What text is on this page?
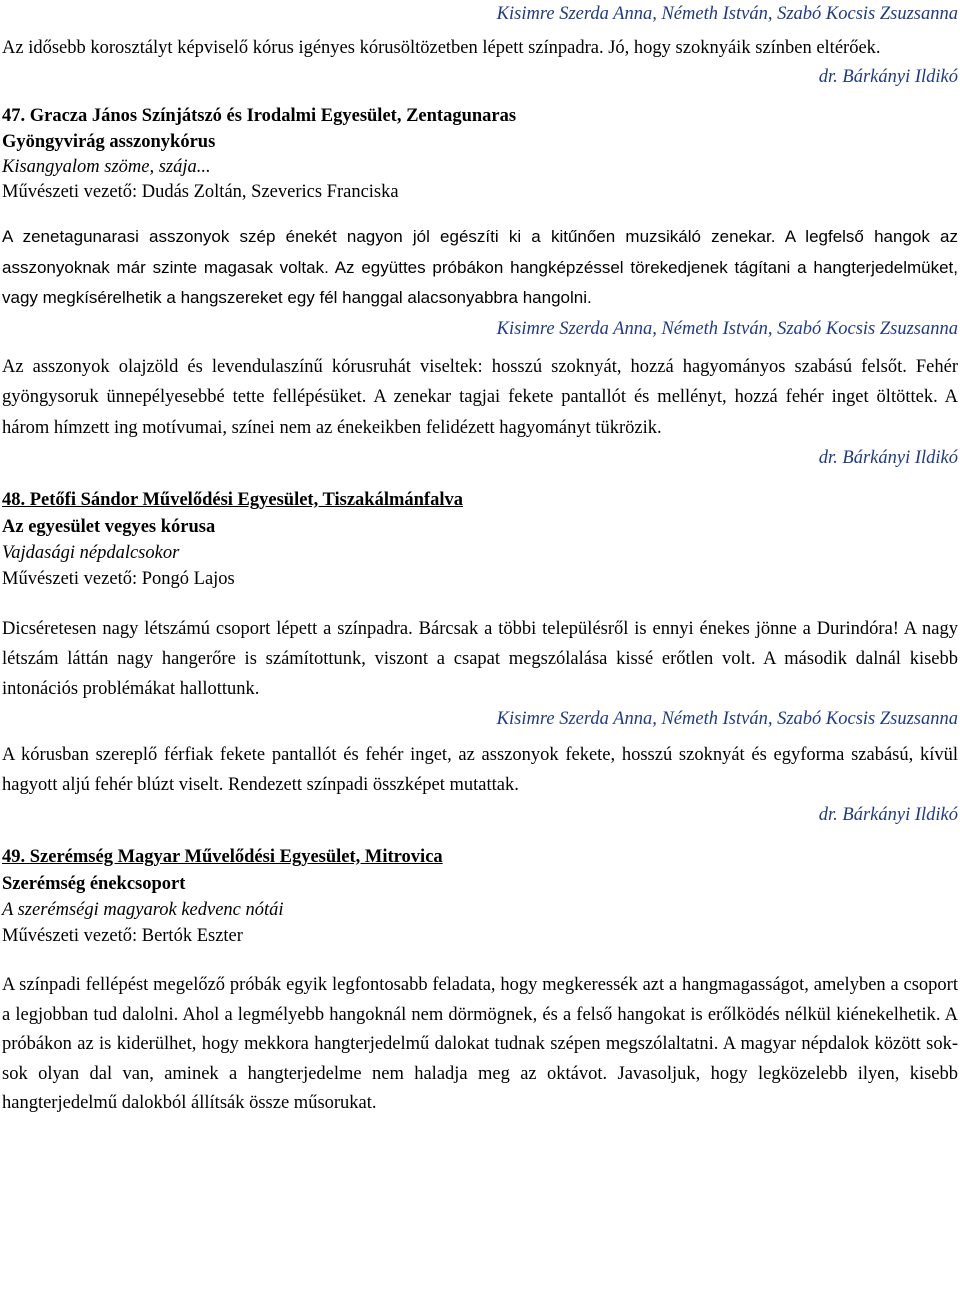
Kisimre Szerda Anna, Németh István, Szabó Kocsis Zsuzsanna

Az idősebb korosztályt képviselő kórus igényes kórusöltözetben lépett színpadra. Jó, hogy szoknyáik színben eltérőek.

dr. Bárkányi Ildikó
47. Gracza János Színjátszó és Irodalmi Egyesület, Zentagunaras
Gyöngyvirág asszonykórus
Kisangyalom szöme, szája...
Művészeti vezető: Dudás Zoltán, Szeverics Franciska

A zenetagunarasi asszonyok szép énekét nagyon jól egészíti ki a kitűnően muzsikáló zenekar. A legfelső hangok az asszonyoknak már szinte magasak voltak. Az együttes próbákon hangképzéssel törekedjenek tágítani a hangterjedelmüket, vagy megkísérelhetik a hangszereket egy fél hanggal alacsonyabbra hangolni.

Kisimre Szerda Anna, Németh István, Szabó Kocsis Zsuzsanna

Az asszonyok olajzöld és levendulaszínű kórusruhát viseltek: hosszú szoknyát, hozzá hagyományos szabású felsőt. Fehér gyöngysoruk ünnepélyesebbé tette fellépésüket. A zenekar tagjai fekete pantallót és mellényt, hozzá fehér inget öltöttek. A három hímzett ing motívumai, színei nem az énekeikben felidézett hagyományt tükrözik.

dr. Bárkányi Ildikó
48. Petőfi Sándor Művelődési Egyesület, Tiszakálmánfalva
Az egyesület vegyes kórusa
Vajdasági népdalcsokor
Művészeti vezető: Pongó Lajos

Dicséretesen nagy létszámú csoport lépett a színpadra. Bárcsak a többi településről is ennyi énekes jönne a Durindóra! A nagy létszám láttán nagy hangerőre is számítottunk, viszont a csapat megszólalása kissé erőtlen volt. A második dalnál kisebb intonációs problémákat hallottunk.

Kisimre Szerda Anna, Németh István, Szabó Kocsis Zsuzsanna

A kórusban szereplő férfiak fekete pantallót és fehér inget, az asszonyok fekete, hosszú szoknyát és egyforma szabású, kívül hagyott aljú fehér blúzt viselt. Rendezett színpadi összképet mutattak.

dr. Bárkányi Ildikó
49. Szerémség Magyar Művelődési Egyesület, Mitrovica
Szerémség énekcsoport
A szerémségi magyarok kedvenc nótái
Művészeti vezető: Bertók Eszter

A színpadi fellépést megelőző próbák egyik legfontosabb feladata, hogy megkeressék azt a hangmagasságot, amelyben a csoport a legjobban tud dalolni. Ahol a legmélyebb hangoknál nem dörmögnek, és a felső hangokat is erőlködés nélkül kiénekelhetik. A próbákon az is kiderülhet, hogy mekkora hangterjedelmű dalokat tudnak szépen megszólaltatni. A magyar népdalok között sok-sok olyan dal van, aminek a hangterjedelme nem haladja meg az oktávot. Javasoljuk, hogy legközelebb ilyen, kisebb hangterjedelmű dalokból állítsák össze műsorukat.
